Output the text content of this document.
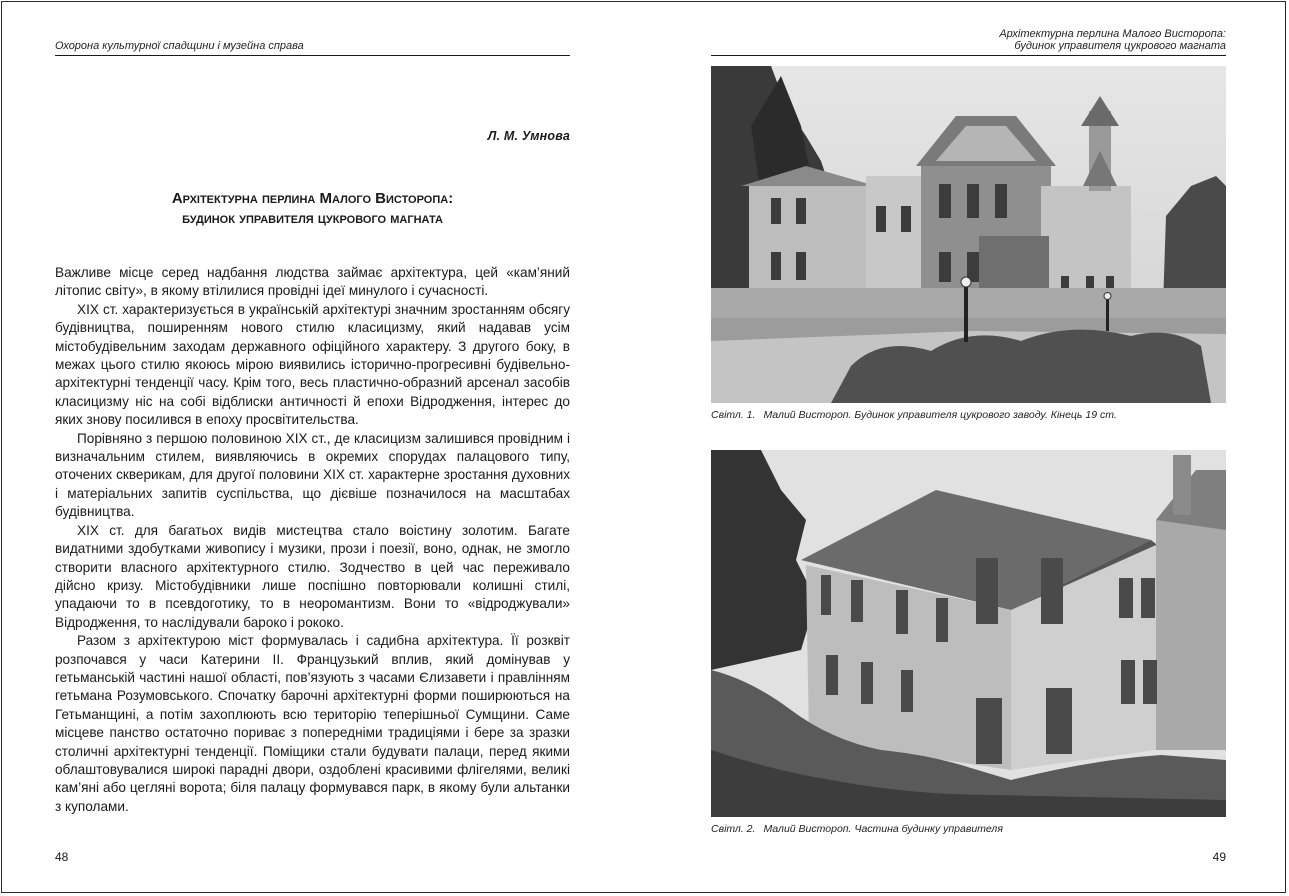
Охорона культурної спадщини і музейна справа
Л. М. Умнова
Архітектурна перлина Малого Висторопа:
будинок управителя цукрового магната

Важливе місце серед надбання людства займає архітектура, цей «кам’яний літопис світу», в якому втілилися провідні ідеї минулого і сучасності.

XIX ст. характеризується в українській архітектурі значним зростанням обсягу будівництва, поширенням нового стилю класицизму, який надавав усім містобудівельним заходам державного офіційного характеру. З другого боку, в межах цього стилю якоюсь мірою виявились історично-прогресивні будівельно-архітектурні тенденції часу. Крім того, весь пластично-образний арсенал засобів класицизму ніс на собі відблиски античності й епохи Відродження, інтерес до яких знову посилився в епоху просвітительства.

Порівняно з першою половиною XIX ст., де класицизм залишився провідним і визначальним стилем, виявляючись в окремих спорудах палацового типу, оточених скверикам, для другої половини XIX ст. характерне зростання духовних і матеріальних запитів суспільства, що дієвіше позначилося на масштабах будівництва.

XIX ст. для багатьох видів мистецтва стало воістину золотим. Багате видатними здобутками живопису і музики, прози і поезії, воно, однак, не змогло створити власного архітектурного стилю. Зодчество в цей час переживало дійсно кризу. Містобудівники лише поспішно повторювали колишні стилі, упадаючи то в псевдоготику, то в неоромантизм. Вони то «відроджували» Відродження, то наслідували бароко і рококо.

Разом з архітектурою міст формувалась і садибна архітектура. Її розквіт розпочався у часи Катерини II. Французький вплив, який домінував у гетьманській частині нашої області, пов’язують з часами Єлизавети і правлінням гетьмана Розумовського. Спочатку барочні архітектурні форми поширюються на Гетьманщині, а потім захоплюють всю територію теперішньої Сумщини. Саме місцеве панство остаточно пориває з попередніми традиціями і бере за зразки столичні архітектурні тенденції. Поміщики стали будувати палаци, перед якими облаштовувалися широкі парадні двори, оздоблені красивими флігелями, великі кам’яні або цегляні ворота; біля палацу формувався парк, в якому були альтанки з куполами.

48
Архітектурна перлина Малого Висторопа:
будинок управителя цукрового магната
Світл. 1. Малий Вистороп. Будинок управителя цукрового заводу. Кінець 19 ст.
Світл. 2. Малий Вистороп. Частина будинку управителя
49
